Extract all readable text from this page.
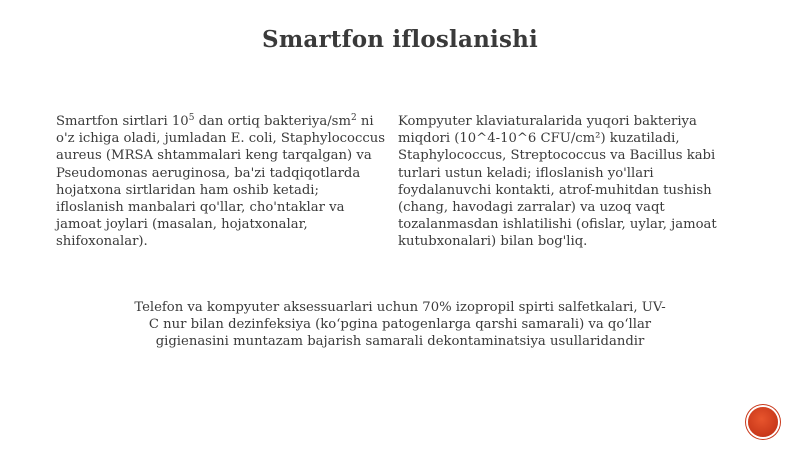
Smartfon ifloslanishi

Smartfon sirtlari $10^5$ dan ortiq bakteriya/$sm^2$ ni o'z ichiga oladi, jumladan E. coli, Staphylococcus aureus (MRSA shtammalari keng tarqalgan) va Pseudomonas aeruginosa, ba'zi tadqiqotlarda hojatxona sirtlaridan ham oshib ketadi; ifloslanish manbalari qo'llar, cho'ntaklar va jamoat joylari (masalan, hojatxonalar, shifoxonalar).

Kompyuter klaviaturalarida yuqori bakteriya miqdori (10^4-10^6 CFU/cm²) kuzatiladi, Staphylococcus, Streptococcus va Bacillus kabi turlari ustun keladi; ifloslanish yo'llari foydalanuvchi kontakti, atrof-muhitdan tushish (chang, havodagi zarralar) va uzoq vaqt tozalanmasdan ishlatilishi (ofislar, uylar, jamoat kutubxonalari) bilan bog'liq.

Telefon va kompyuter aksessuarlari uchun 70% izopropil spirti salfetkalari, UV-C nur bilan dezinfeksiya (ko‘pgina patogenlarga qarshi samarali) va qo‘llar gigienasini muntazam bajarish samarali dekontaminatsiya usullaridandir
